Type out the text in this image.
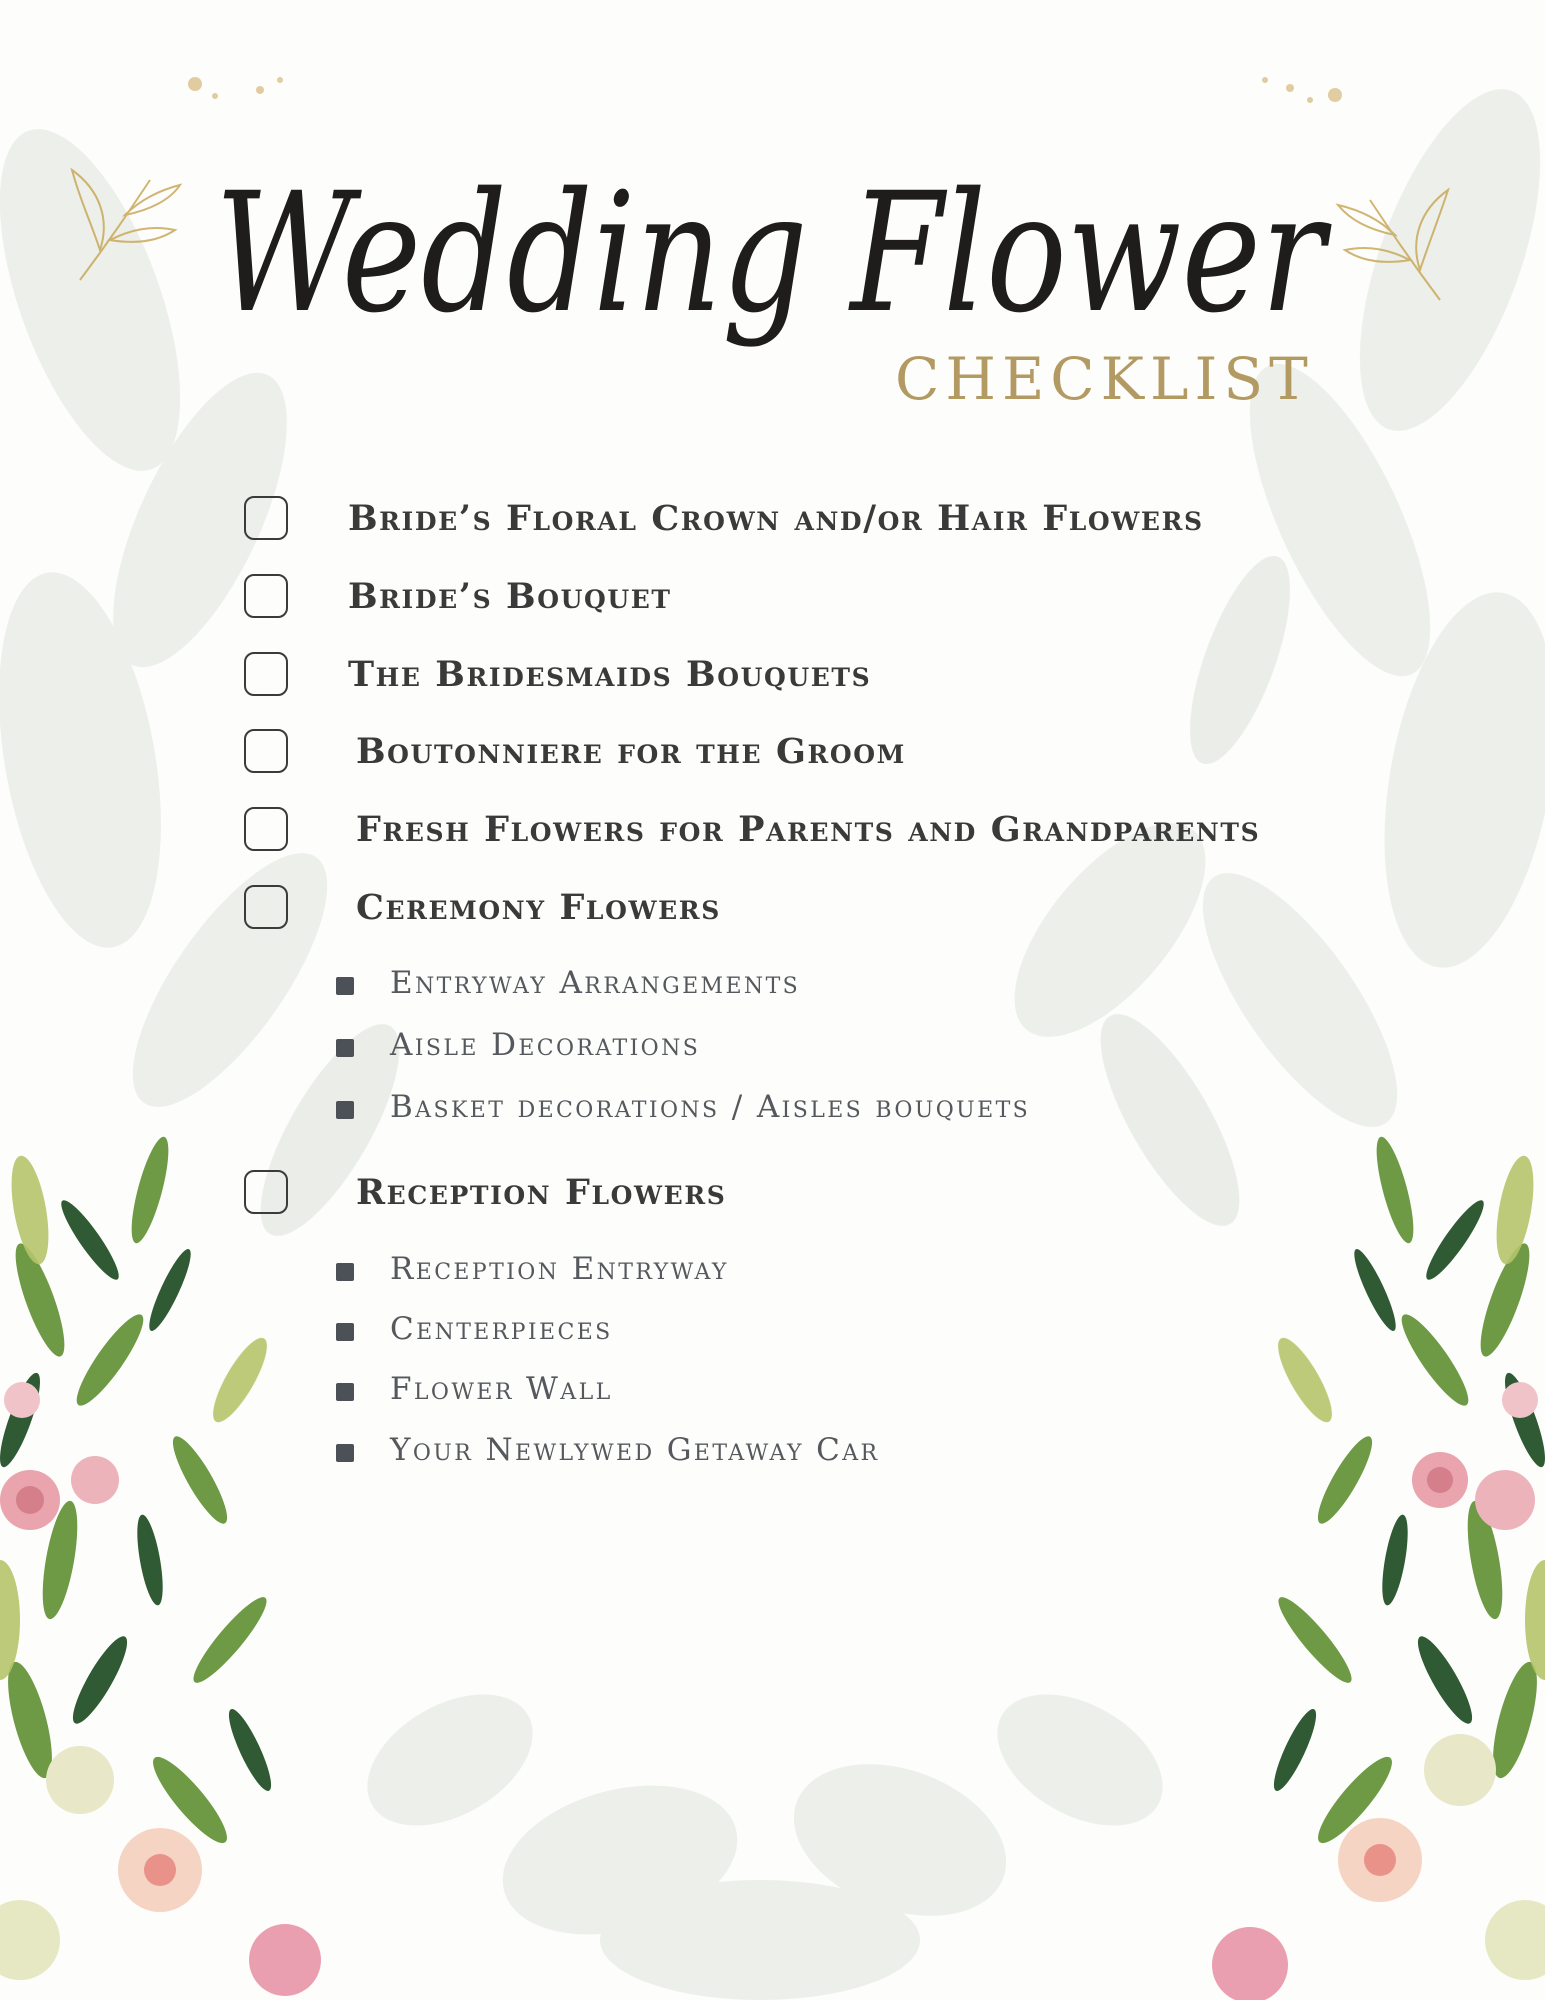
Wedding Flower
CHECKLIST
Bride’s Floral Crown and/or Hair Flowers
Bride’s Bouquet
The Bridesmaids Bouquets
Boutonniere for the Groom
Fresh Flowers for Parents and Grandparents
Ceremony Flowers
Entryway Arrangements
Aisle Decorations
Basket decorations / Aisles bouquets
Reception Flowers
Reception Entryway
Centerpieces
Flower Wall
Your Newlywed Getaway Car
